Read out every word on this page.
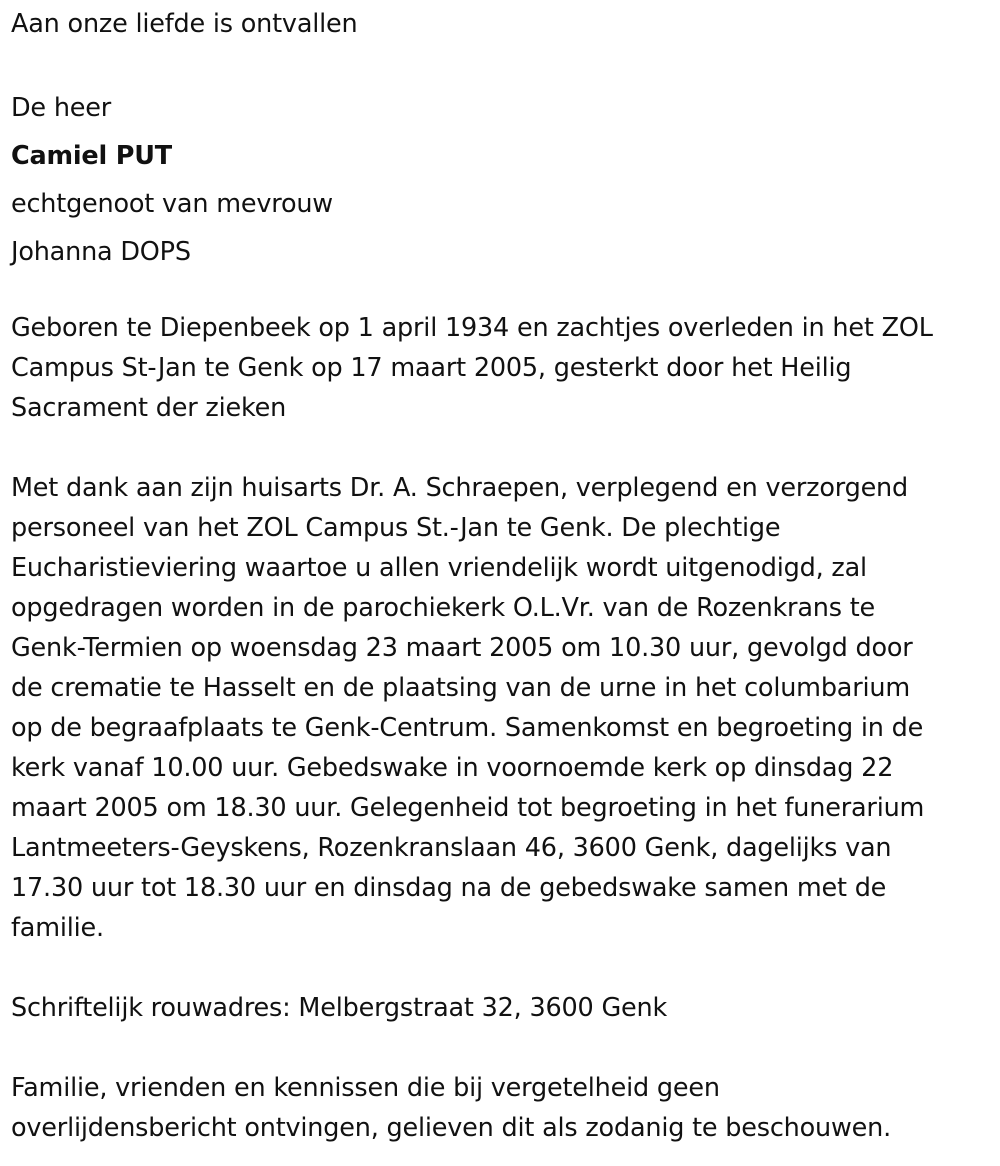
Aan onze liefde is ontvallen
De heer
Camiel PUT
echtgenoot van mevrouw
Johanna DOPS
Geboren te Diepenbeek op 1 april 1934 en zachtjes overleden in het ZOL
Campus St-Jan te Genk op 17 maart 2005, gesterkt door het Heilig
Sacrament der zieken
Met dank aan zijn huisarts Dr. A. Schraepen, verplegend en verzorgend
personeel van het ZOL Campus St.-Jan te Genk. De plechtige
Eucharistieviering waartoe u allen vriendelijk wordt uitgenodigd, zal
opgedragen worden in de parochiekerk O.L.Vr. van de Rozenkrans te
Genk-Termien op woensdag 23 maart 2005 om 10.30 uur, gevolgd door
de crematie te Hasselt en de plaatsing van de urne in het columbarium
op de begraafplaats te Genk-Centrum. Samenkomst en begroeting in de
kerk vanaf 10.00 uur. Gebedswake in voornoemde kerk op dinsdag 22
maart 2005 om 18.30 uur. Gelegenheid tot begroeting in het funerarium
Lantmeeters-Geyskens, Rozenkranslaan 46, 3600 Genk, dagelijks van
17.30 uur tot 18.30 uur en dinsdag na de gebedswake samen met de
familie.
Schriftelijk rouwadres: Melbergstraat 32, 3600 Genk
Familie, vrienden en kennissen die bij vergetelheid geen
overlijdensbericht ontvingen, gelieven dit als zodanig te beschouwen.
